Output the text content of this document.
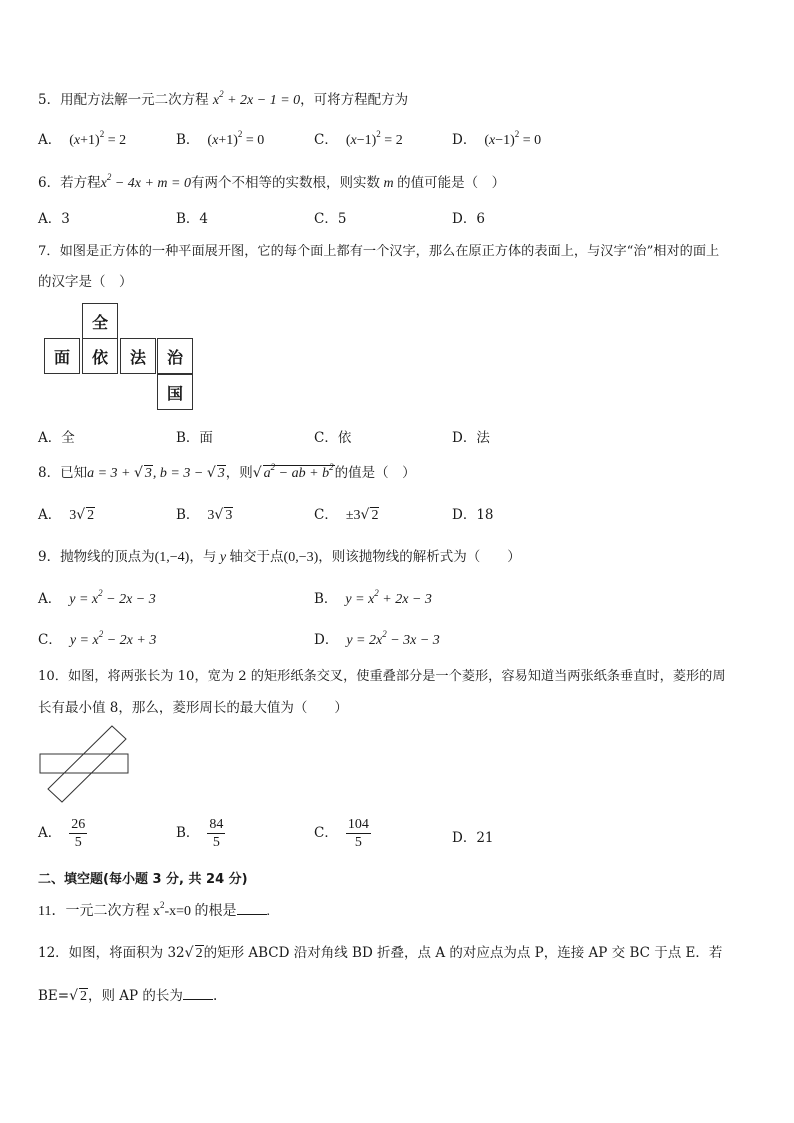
5．用配方法解一元二次方程 $x^2 + 2x - 1 = 0$，可将方程配方为
A． $(x+1)^2 = 2$	B． $(x+1)^2 = 0$	C． $(x-1)^2 = 2$	D． $(x-1)^2 = 0$
6．若方程$x^2 - 4x + m = 0$有两个不相等的实数根，则实数 m 的值可能是（　）
A．3	B．4	C．5	D．6
7．如图是正方体的一种平面展开图，它的每个面上都有一个汉字，那么在原正方体的表面上，与汉字“治”相对的面上
的汉字是（　）
全
面	依	法	治
国
A．全	B．面	C．依	D．法
8．已知a = 3 + √ 3, b = 3 − √ 3，则√ $a^2$ − ab + $b^2$的值是（　）
A． 3√ 2	B． 3√ 3	C． ±3√ 2	D．18
9．抛物线的顶点为(1,−4)，与 y 轴交于点(0,−3)，则该抛物线的解析式为（　　）
A． $y = x^2 - 2x - 3$	B． $y = x^2 + 2x - 3$
C． $y = x^2 - 2x + 3$	D． $y = 2x^2 - 3x - 3$
10．如图，将两张长为 10，宽为 2 的矩形纸条交叉，使重叠部分是一个菱形，容易知道当两张纸条垂直时，菱形的周
长有最小值 8，那么，菱形周长的最大值为（　　）
A． $\frac{26}{5}$	B． $\frac{84}{5}$	C． $\frac{104}{5}$	D．21
二、填空题(每小题 3 分, 共 24 分)
11．一元二次方程 $x^2-x=0$ 的根是 .
12．如图，将面积为 32√ 2的矩形 ABCD 沿对角线 BD 折叠，点 A 的对应点为点 P，连接 AP 交 BC 于点 E．若
BE=√ 2，则 AP 的长为 .
